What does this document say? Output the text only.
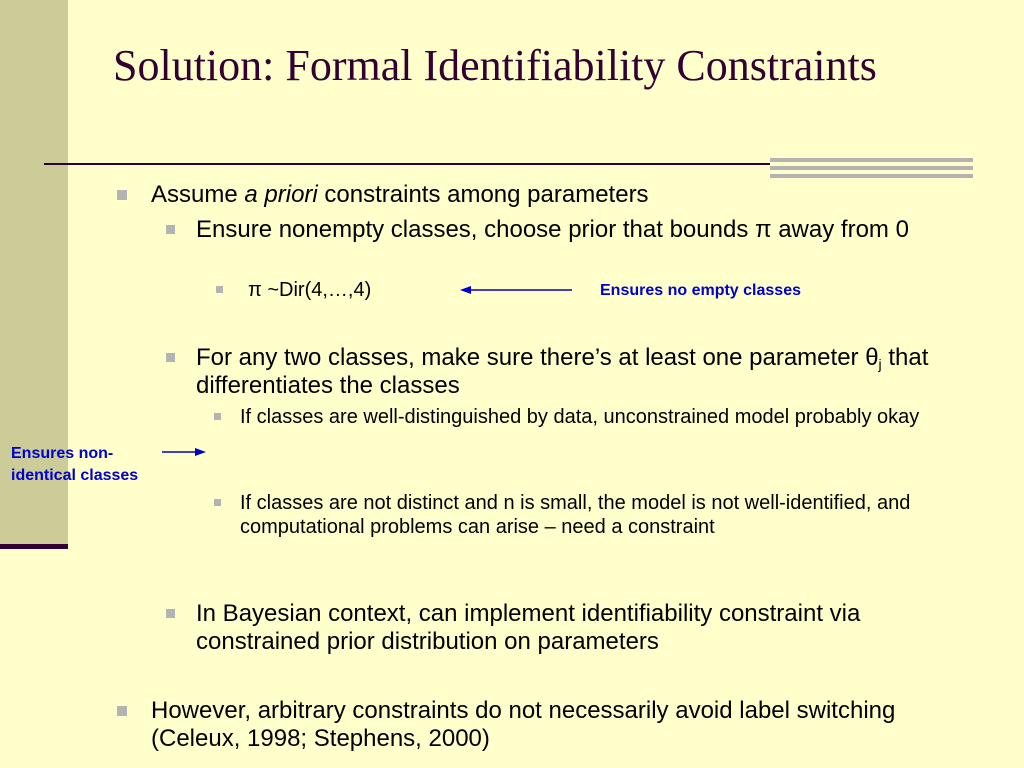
Solution: Formal Identifiability Constraints
Assume a priori constraints among parameters
Ensure nonempty classes, choose prior that bounds π away from 0
π ~Dir(4,…,4)	Ensures no empty classes

For any two classes, make sure there’s at least one parameter $\theta_j$ that differentiates the classes
If classes are well-distinguished by data, unconstrained model probably okay

Ensures non-
identical classes

If classes are not distinct and n is small, the model is not well-identified, and computational problems can arise – need a constraint
In Bayesian context, can implement identifiability constraint via constrained prior distribution on parameters
However, arbitrary constraints do not necessarily avoid label switching (Celeux, 1998; Stephens, 2000)
